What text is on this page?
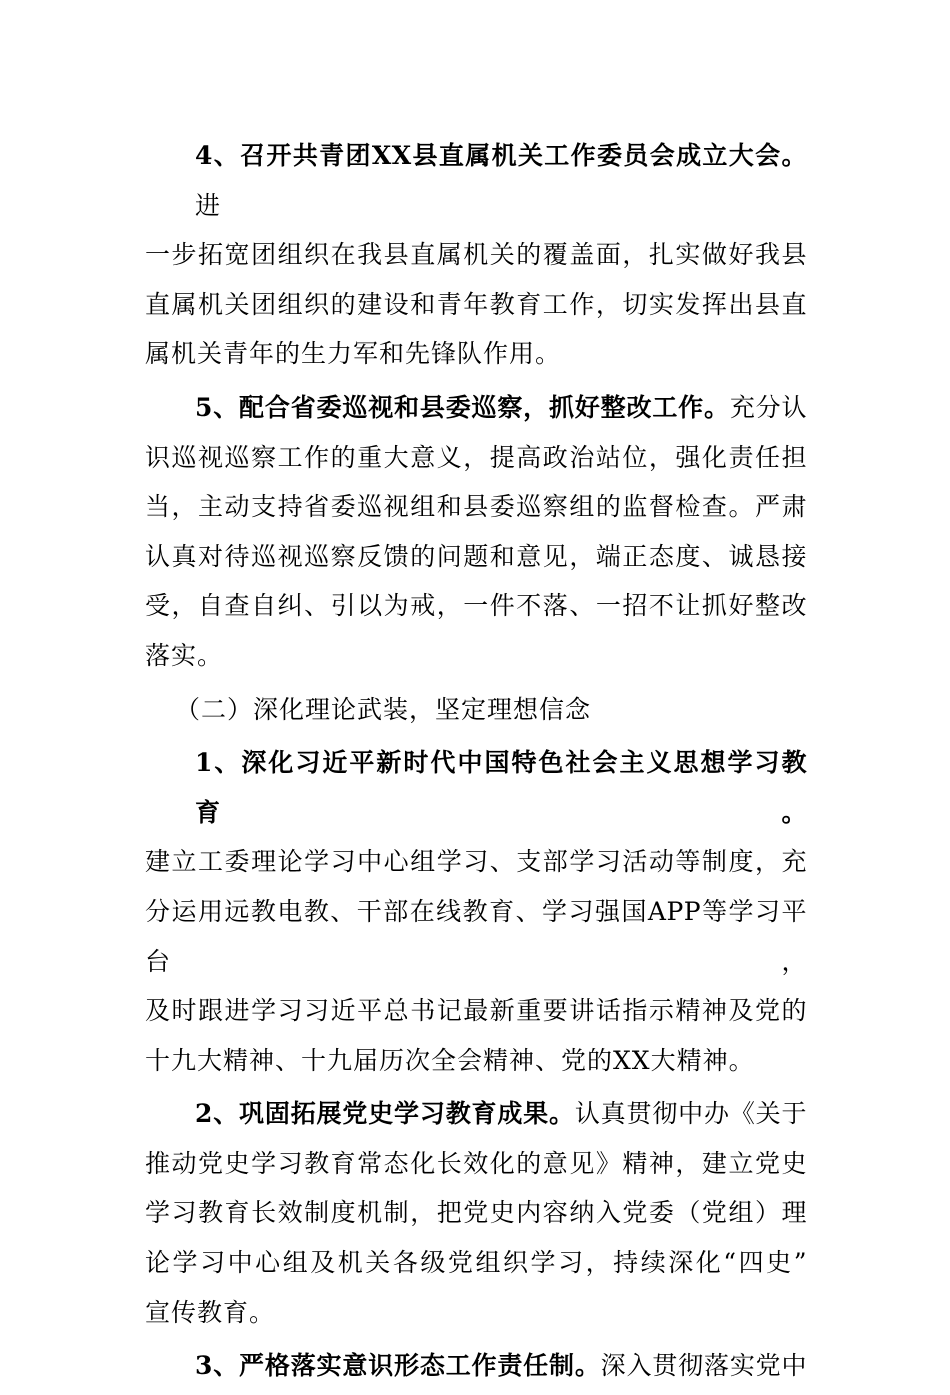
4、召开共青团XX县直属机关工作委员会成立大会。进
一步拓宽团组织在我县直属机关的覆盖面，扎实做好我县
直属机关团组织的建设和青年教育工作，切实发挥出县直
属机关青年的生力军和先锋队作用。
5、配合省委巡视和县委巡察，抓好整改工作。充分认
识巡视巡察工作的重大意义，提高政治站位，强化责任担
当，主动支持省委巡视组和县委巡察组的监督检查。严肃
认真对待巡视巡察反馈的问题和意见，端正态度、诚恳接
受，自查自纠、引以为戒，一件不落、一招不让抓好整改
落实。
（二）深化理论武装，坚定理想信念
1、深化习近平新时代中国特色社会主义思想学习教育。
建立工委理论学习中心组学习、支部学习活动等制度，充
分运用远教电教、干部在线教育、学习强国APP等学习平台，
及时跟进学习习近平总书记最新重要讲话指示精神及党的
十九大精神、十九届历次全会精神、党的XX大精神。
2、巩固拓展党史学习教育成果。认真贯彻中办《关于
推动党史学习教育常态化长效化的意见》精神，建立党史
学习教育长效制度机制，把党史内容纳入党委（党组）理
论学习中心组及机关各级党组织学习，持续深化“四史”
宣传教育。
3、严格落实意识形态工作责任制。深入贯彻落实党中
